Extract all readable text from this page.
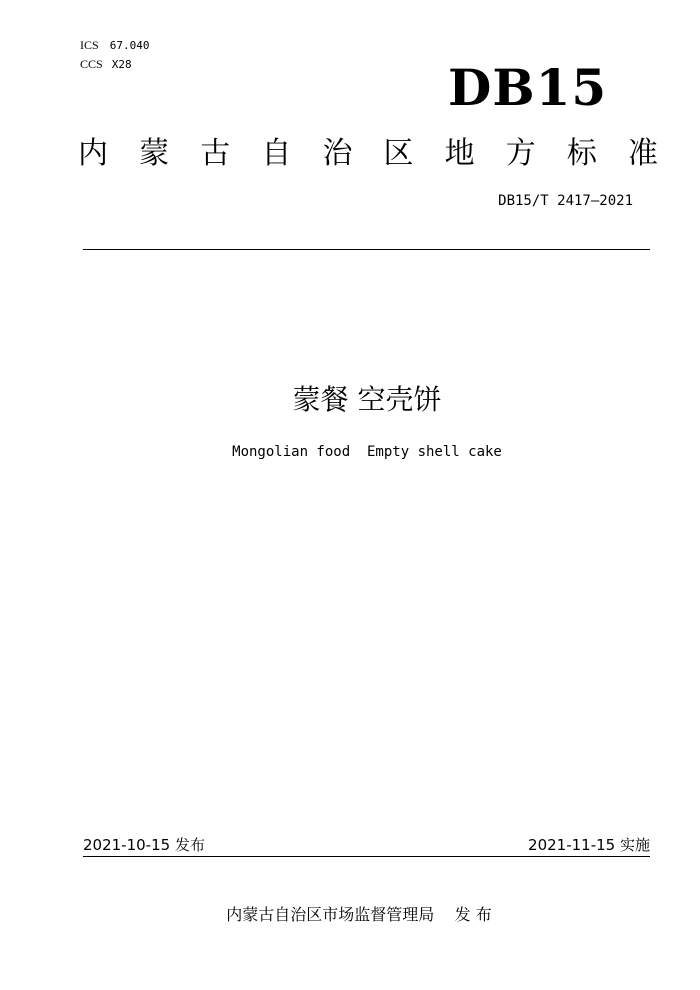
ICS 67.040
CCS X28	DB15
内 蒙 古 自 治 区 地 方 标 准
DB15/T 2417—2021
蒙餐 空壳饼
Mongolian food  Empty shell cake
2021-10-15 发布	2021-11-15 实施
内蒙古自治区市场监督管理局    发 布
